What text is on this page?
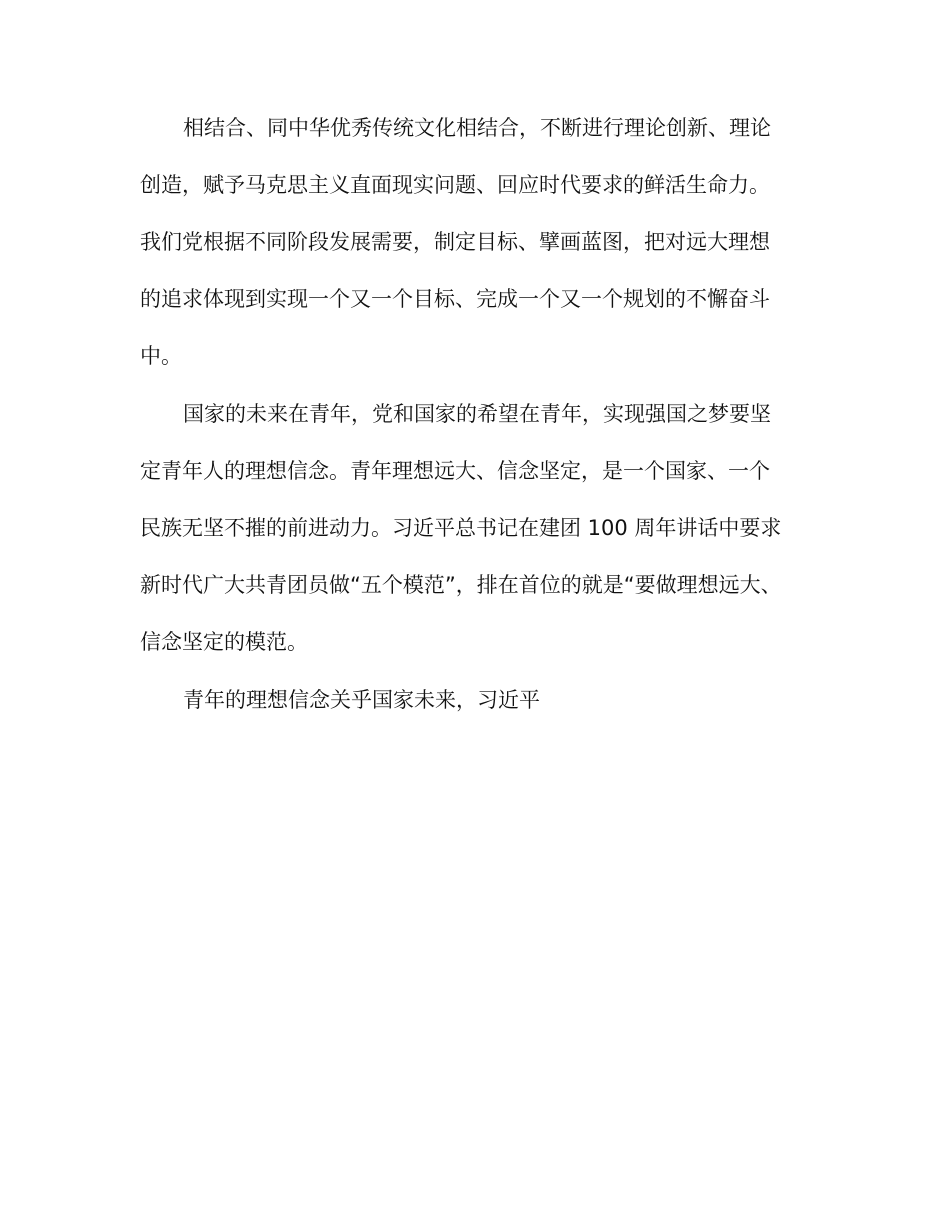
相结合、同中华优秀传统文化相结合，不断进行理论创新、理论
创造，赋予马克思主义直面现实问题、回应时代要求的鲜活生命力。
我们党根据不同阶段发展需要，制定目标、擘画蓝图，把对远大理想
的追求体现到实现一个又一个目标、完成一个又一个规划的不懈奋斗
中。
国家的未来在青年，党和国家的希望在青年，实现强国之梦要坚
定青年人的理想信念。青年理想远大、信念坚定，是一个国家、一个
民族无坚不摧的前进动力。习近平总书记在建团 100 周年讲话中要求
新时代广大共青团员做“五个模范”，排在首位的就是“要做理想远大、
信念坚定的模范。
青年的理想信念关乎国家未来，习近平
